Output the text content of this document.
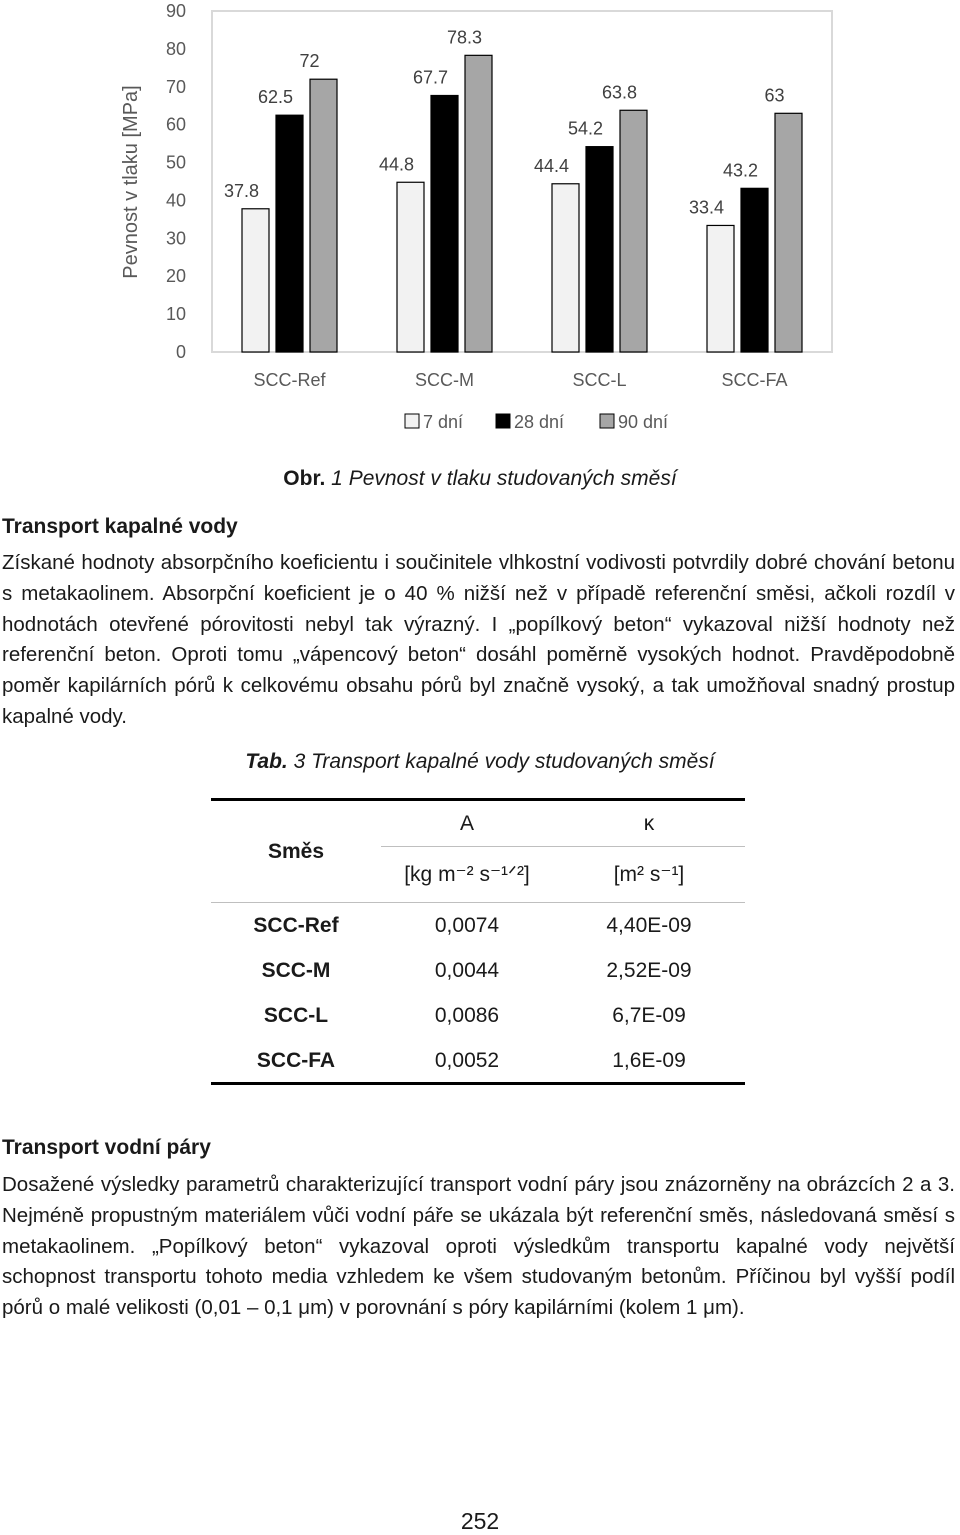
0
10
20
30
40
50
60
70
80
90
Pevnost v tlaku [MPa]	37.8
62.5
72
SCC-Ref
44.8
67.7
78.3
SCC-M
44.4
54.2
63.8
SCC-L
33.4
43.2
63
SCC-FA
7 dní	28 dní	90 dní
Obr. 1 Pevnost v tlaku studovaných směsí
Transport kapalné vody
Získané hodnoty absorpčního koeficientu i součinitele vlhkostní vodivosti potvrdily dobré chování betonu s metakaolinem. Absorpční koeficient je o 40 % nižší než v případě referenční směsi, ačkoli rozdíl v hodnotách otevřené pórovitosti nebyl tak výrazný. I „popílkový beton“ vykazoval nižší hodnoty než referenční beton. Oproti tomu „vápencový beton“ dosáhl poměrně vysokých hodnot. Pravděpodobně poměr kapilárních pórů k celkovému obsahu pórů byl značně vysoký, a tak umožňoval snadný prostup kapalné vody.
Tab. 3 Transport kapalné vody studovaných směsí
Směs
A	κ
[kg m⁻² s⁻¹ᐟ²]	[m² s⁻¹]
SCC-Ref	0,0074	4,40E-09
SCC-M	0,0044	2,52E-09
SCC-L	0,0086	6,7E-09
SCC-FA	0,0052	1,6E-09
Transport vodní páry
Dosažené výsledky parametrů charakterizující transport vodní páry jsou znázorněny na obrázcích 2 a 3. Nejméně propustným materiálem vůči vodní páře se ukázala být referenční směs, následovaná směsí s metakaolinem. „Popílkový beton“ vykazoval oproti výsledkům transportu kapalné vody největší schopnost transportu tohoto media vzhledem ke všem studovaným betonům. Příčinou byl vyšší podíl pórů o malé velikosti (0,01 – 0,1 μm) v porovnání s póry kapilárními (kolem 1 μm).
252
